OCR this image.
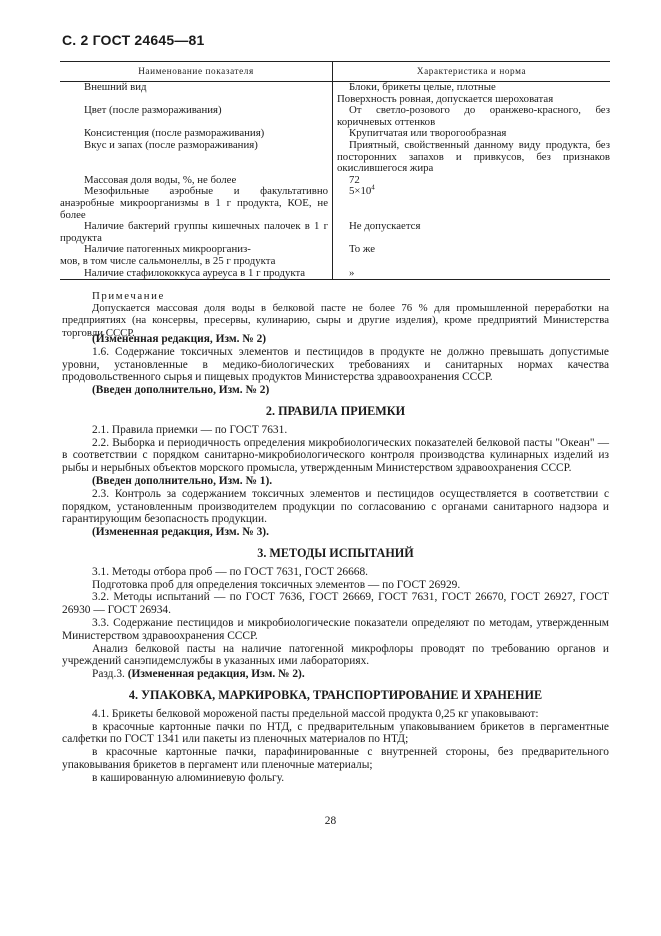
С. 2 ГОСТ 24645—81
Наименование показателя	Характеристика и норма
Внешний вид	Блоки, брикеты целые, плотные
Поверхность ровная, допускается шероховатая

Цвет (после размораживания)	От светло-розового до оранжево-красного, без коричневых оттенков
Консистенция (после размораживания)	Крупитчатая или творогообразная
Вкус и запах (после размораживания)	Приятный, свойственный данному виду продукта, без посторонних запахов и привкусов, без признаков окислившегося жира
Массовая доля воды, %, не более	72
Мезофильные аэробные и факультативно анаэробные микроорганизмы в 1 г продукта, КОЕ, не более	$5\times 10^4$
Наличие бактерий группы кишечных палочек в 1 г продукта	Не допускается

Наличие патогенных микроорганиз-
мов, в том числе сальмонеллы, в 25 г продукта	То же
Наличие стафилококкуса ауреуса в 1 г продукта	»

Примечание

Допускается массовая доля воды в белковой пасте не более 76 % для промышленной переработки на предприятиях (на консервы, пресервы, кулинарию, сыры и другие изделия), кроме предприятий Министерства торговли СССР.

(Измененная редакция, Изм. № 2)

1.6. Содержание токсичных элементов и пестицидов в продукте не должно превышать допустимые уровни, установленные в медико-биологических требованиях и санитарных нормах качества продовольственного сырья и пищевых продуктов Министерства здравоохранения СССР.

(Введен дополнительно, Изм. № 2)

2. ПРАВИЛА ПРИЕМКИ

2.1. Правила приемки — по ГОСТ 7631.

2.2. Выборка и периодичность определения микробиологических показателей белковой пасты "Океан" — в соответствии с порядком санитарно-микробиологического контроля производства кулинарных изделий из рыбы и нерыбных объектов морского промысла, утвержденным Министерством здравоохранения СССР.

(Введен дополнительно, Изм. № 1).

2.3. Контроль за содержанием токсичных элементов и пестицидов осуществляется в соответствии с порядком, установленным производителем продукции по согласованию с органами санитарного надзора и гарантирующим безопасность продукции.

(Измененная редакция, Изм. № 3).

3. МЕТОДЫ ИСПЫТАНИЙ

3.1. Методы отбора проб — по ГОСТ 7631, ГОСТ 26668.

Подготовка проб для определения токсичных элементов — по ГОСТ 26929.

3.2. Методы испытаний — по ГОСТ 7636, ГОСТ 26669, ГОСТ 7631, ГОСТ 26670, ГОСТ 26927, ГОСТ 26930 — ГОСТ 26934.

3.3. Содержание пестицидов и микробиологические показатели определяют по методам, утвержденным Министерством здравоохранения СССР.

Анализ белковой пасты на наличие патогенной микрофлоры проводят по требованию органов и учреждений санэпидемслужбы в указанных ими лабораториях.

Разд.3. (Измененная редакция, Изм. № 2).

4. УПАКОВКА, МАРКИРОВКА, ТРАНСПОРТИРОВАНИЕ И ХРАНЕНИЕ

4.1. Брикеты белковой мороженой пасты предельной массой продукта 0,25 кг упаковывают:

в красочные картонные пачки по НТД, с предварительным упаковыванием брикетов в пергаментные салфетки по ГОСТ 1341 или пакеты из пленочных материалов по НТД;

в красочные картонные пачки, парафинированные с внутренней стороны, без предварительного упаковывания брикетов в пергамент или пленочные материалы;

в кашированную алюминиевую фольгу.

28
